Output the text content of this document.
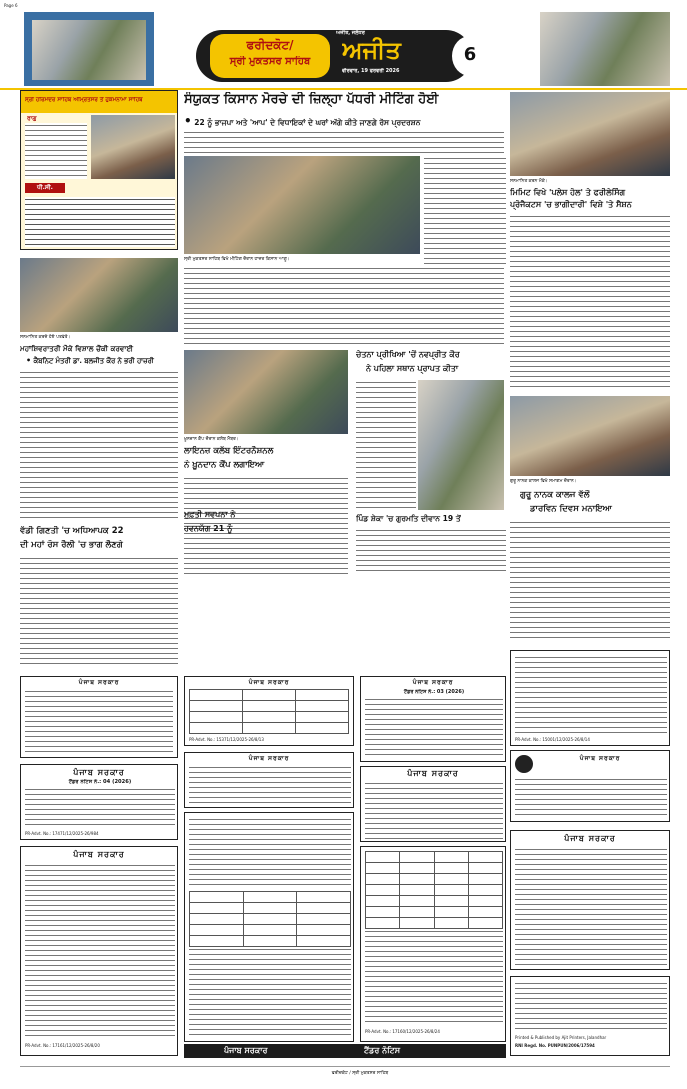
Page 6
ਫਰੀਦਕੋਟ/
ਸ੍ਰੀ ਮੁਕਤਸਰ ਸਾਹਿਬ
ਅਜੀਤ, ਜਲੰਧਰ
ਅਜੀਤ
ਵੀਰਵਾਰ, 19 ਫਰਵਰੀ 2026
6
ਸ੍ਰੀ ਹਰਿਮੰਦਰ ਸਾਹਿਬ ਅੰਮ੍ਰਿਤਸਰ ਤੋਂ ਹੁਕਮਨਾਮਾ ਸਾਹਿਬ
ਰਾਗੁ
ਧੀ.ਸੀ.
ਸੰਯੁਕਤ ਕਿਸਾਨ ਮੋਰਚੇ ਦੀ ਜ਼ਿਲ੍ਹਾ ਪੱਧਰੀ ਮੀਟਿੰਗ ਹੋਈ
• 22 ਨੂੰ ਭਾਜਪਾ ਅਤੇ 'ਆਪ' ਦੇ ਵਿਧਾਇਕਾਂ ਦੇ ਘਰਾਂ ਅੱਗੇ ਕੀਤੇ ਜਾਣਗੇ ਰੋਸ ਪ੍ਰਦਰਸ਼ਨ
ਸ੍ਰੀ ਮੁਕਤਸਰ ਸਾਹਿਬ ਵਿਖੇ ਮੀਟਿੰਗ ਦੌਰਾਨ ਹਾਜ਼ਰ ਕਿਸਾਨ ਆਗੂ।
ਸਨਮਾਨਿਤ ਕਰਨ ਮੌਕੇ।
ਮਿਮਿਟ ਵਿਖੇ 'ਪਲੇਸ ਹੋਲ' ਤੇ ਫਰੀਲੇਸਿੰਗ
ਪ੍ਰੋਜੈਕਟਸ 'ਚ ਭਾਗੀਦਾਰੀ' ਵਿਸ਼ੇ 'ਤੇ ਸੈਸ਼ਨ
ਸਨਮਾਨਿਤ ਕਰਦੇ ਹੋਏ ਪਤਵੰਤੇ।
ਮਹਾਂਸ਼ਿਵਰਾਤਰੀ ਮੌਕੇ ਵਿਸ਼ਾਲ ਚੌਂਕੀ ਕਰਵਾਈ
• ਕੈਬਨਿਟ ਮੰਤਰੀ ਡਾ. ਬਲਜੀਤ ਕੌਰ ਨੇ ਭਰੀ ਹਾਜ਼ਰੀ
ਚੇਤਨਾ ਪ੍ਰੀਖਿਆ 'ਚੋਂ ਨਵਪ੍ਰੀਤ ਕੌਰ
ਨੇ ਪਹਿਲਾ ਸਥਾਨ ਪ੍ਰਾਪਤ ਕੀਤਾ
ਖ਼ੂਨਦਾਨ ਕੈਂਪ ਦੌਰਾਨ ਕਲੱਬ ਮੈਂਬਰ।
ਲਾਇਨਜ਼ ਕਲੱਬ ਇੰਟਰਨੈਸ਼ਨਲ
ਨੇ ਖ਼ੂਨਦਾਨ ਕੈਂਪ ਲਗਾਇਆ
ਮੁਫ਼ਤੀ ਸਵਪਨਾ ਨੇ
ਹਵਨਯੱਗ 21 ਨੂੰ
ਵੱਡੀ ਗਿਣਤੀ 'ਚ ਅਧਿਆਪਕ 22
ਦੀ ਮਹਾਂ ਰੋਸ ਰੈਲੀ 'ਚ ਭਾਗ ਲੈਣਗੇ
ਪਿੰਡ ਸ਼ੇਕਾ 'ਚ ਗੁਰਮਤਿ ਦੀਵਾਨ 19 ਤੋਂ
ਗੁਰੂ ਨਾਨਕ ਕਾਲਜ ਵਿਖੇ ਸਮਾਗਮ ਦੌਰਾਨ।
ਗੁਰੂ ਨਾਨਕ ਕਾਲਜ ਵੱਲੋਂ
ਡਾਰਵਿਨ ਦਿਵਸ ਮਨਾਇਆ
ਪੰਜਾਬ ਸਰਕਾਰ	ਪੰਜਾਬ ਸਰਕਾਰ

PR-Advt. No.: 15371/12/2025-26/8/13
ਪੰਜਾਬ ਸਰਕਾਰ
ਟੈਂਡਰ ਨੋਟਿਸ ਨੰ.: 03 (2026)
PR-Advt. No.: 15001/12/2025-26/8/14
ਪੰਜਾਬ ਸਰਕਾਰ
ਟੈਂਡਰ ਨੋਟਿਸ ਨੰ.: 04 (2026)
PR-Advt. No.: 17471/12/2025-26/984
ਪੰਜਾਬ ਸਰਕਾਰ
ਪੰਜਾਬ ਸਰਕਾਰ
ਪੰਜਾਬ ਸਰਕਾਰ
ਪੰਜਾਬ ਸਰਕਾਰ
PR-Advt. No.: 17161/12/2025-26/8/20

PR-Advt. No.: 17160/12/2025-26/8/24
ਪੰਜਾਬ ਸਰਕਾਰ
ਪੰਜਾਬ ਸਰਕਾਰ	ਟੈਂਡਰ ਨੋਟਿਸ
Printed & Published by Ajit Printers, Jalandhar
RNI Regd. No. PUNPUN/2006/17594
ਫਰੀਦਕੋਟ / ਸ੍ਰੀ ਮੁਕਤਸਰ ਸਾਹਿਬ
